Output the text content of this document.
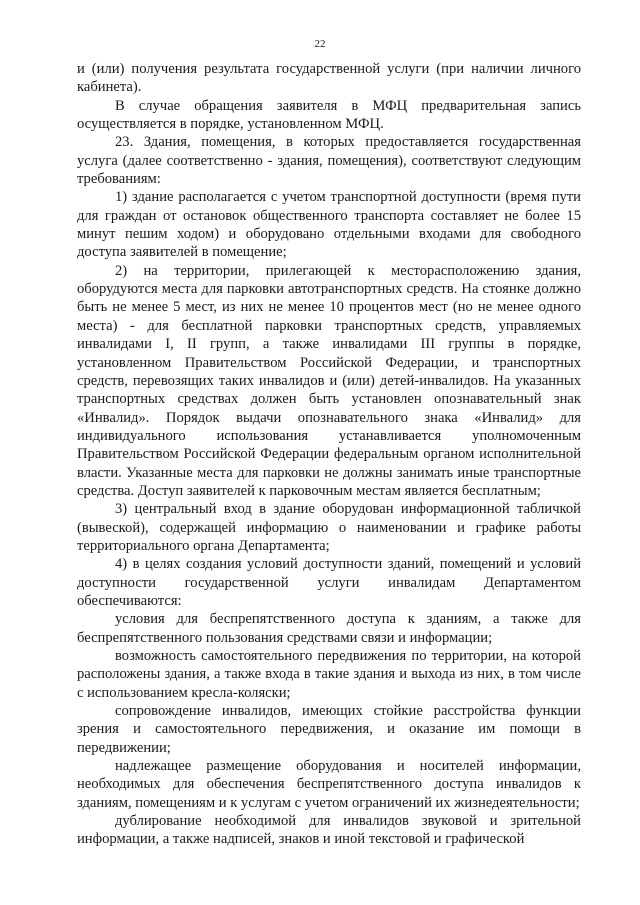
22

и (или) получения результата государственной услуги (при наличии личного кабинета).

В случае обращения заявителя в МФЦ предварительная запись осуществляется в порядке, установленном МФЦ.

23. Здания, помещения, в которых предоставляется государственная услуга (далее соответственно - здания, помещения), соответствуют следующим требованиям:

1) здание располагается с учетом транспортной доступности (время пути для граждан от остановок общественного транспорта составляет не более 15 минут пешим ходом) и оборудовано отдельными входами для свободного доступа заявителей в помещение;

2) на территории, прилегающей к месторасположению здания, оборудуются места для парковки автотранспортных средств. На стоянке должно быть не менее 5 мест, из них не менее 10 процентов мест (но не менее одного места) - для бесплатной парковки транспортных средств, управляемых инвалидами I, II групп, а также инвалидами III группы в порядке, установленном Правительством Российской Федерации, и транспортных средств, перевозящих таких инвалидов и (или) детей-инвалидов. На указанных транспортных средствах должен быть установлен опознавательный знак «Инвалид». Порядок выдачи опознавательного знака «Инвалид» для индивидуального использования устанавливается уполномоченным Правительством Российской Федерации федеральным органом исполнительной власти. Указанные места для парковки не должны занимать иные транспортные средства. Доступ заявителей к парковочным местам является бесплатным;

3) центральный вход в здание оборудован информационной табличкой (вывеской), содержащей информацию о наименовании и графике работы территориального органа Департамента;

4) в целях создания условий доступности зданий, помещений и условий доступности государственной услуги инвалидам Департаментом обеспечиваются:

условия для беспрепятственного доступа к зданиям, а также для беспрепятственного пользования средствами связи и информации;

возможность самостоятельного передвижения по территории, на которой расположены здания, а также входа в такие здания и выхода из них, в том числе с использованием кресла-коляски;

сопровождение инвалидов, имеющих стойкие расстройства функции зрения и самостоятельного передвижения, и оказание им помощи в передвижении;

надлежащее размещение оборудования и носителей информации, необходимых для обеспечения беспрепятственного доступа инвалидов к зданиям, помещениям и к услугам с учетом ограничений их жизнедеятельности;

дублирование необходимой для инвалидов звуковой и зрительной информации, а также надписей, знаков и иной текстовой и графической
